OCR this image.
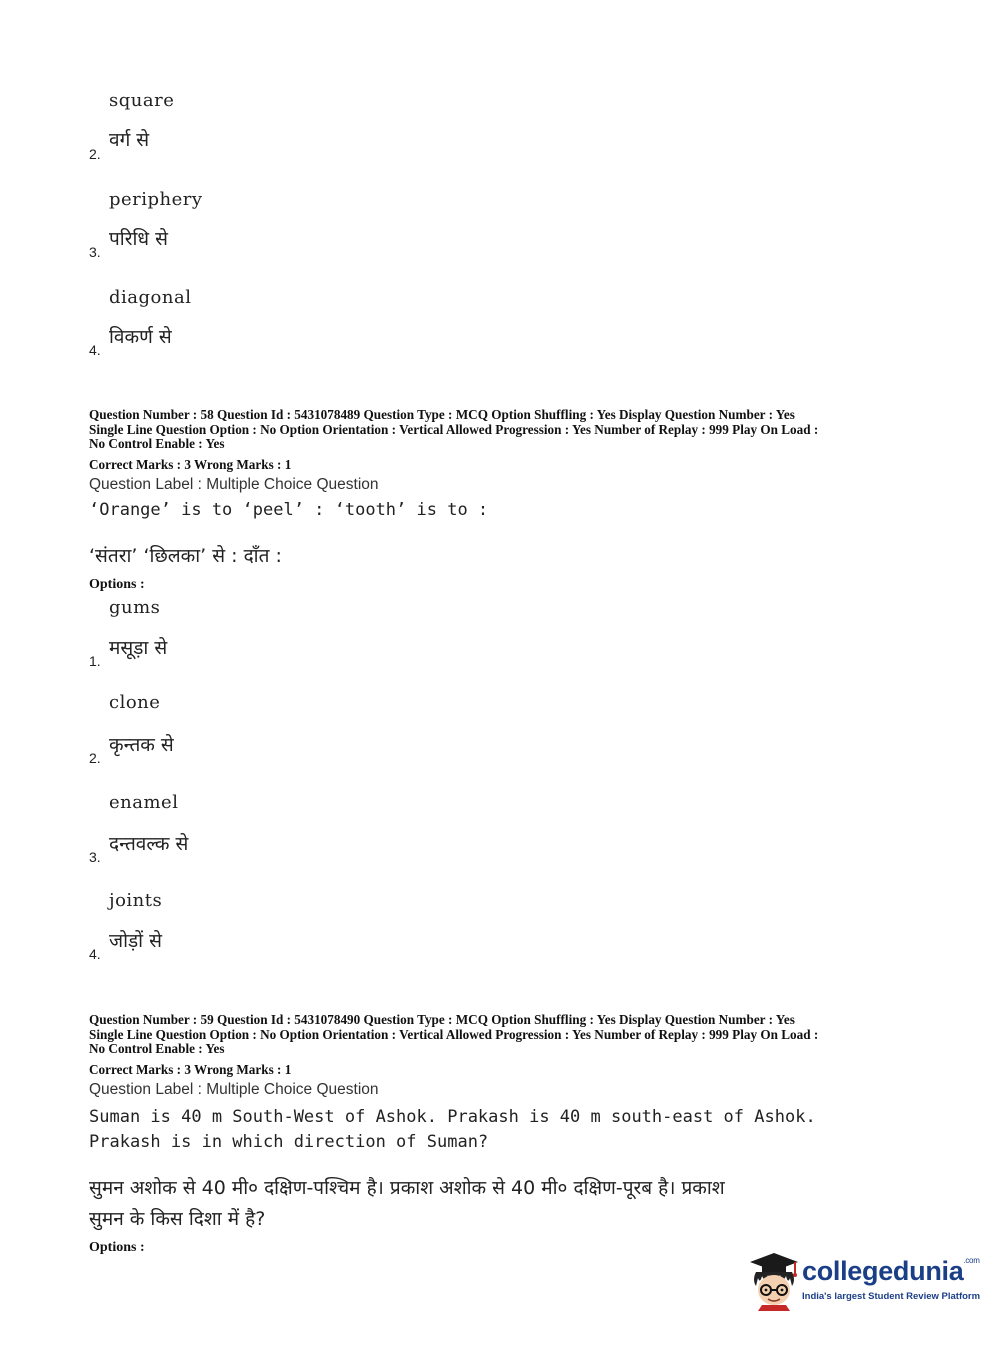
square
वर्ग से
2.
periphery
परिधि से
3.
diagonal
विकर्ण से
4.
Question Number : 58 Question Id : 5431078489 Question Type : MCQ Option Shuffling : Yes Display Question Number : Yes
Single Line Question Option : No Option Orientation : Vertical Allowed Progression : Yes Number of Replay : 999 Play On Load :
No Control Enable : Yes
Correct Marks : 3 Wrong Marks : 1
Question Label : Multiple Choice Question
‘Orange’ is to ‘peel’ : ‘tooth’ is to :
‘संतरा’ ‘छिलका’ से : दाँत :
Options :
gums
मसूड़ा से
1.
clone
कृन्तक से
2.
enamel
दन्तवल्क से
3.
joints
जोड़ों से
4.
Question Number : 59 Question Id : 5431078490 Question Type : MCQ Option Shuffling : Yes Display Question Number : Yes
Single Line Question Option : No Option Orientation : Vertical Allowed Progression : Yes Number of Replay : 999 Play On Load :
No Control Enable : Yes
Correct Marks : 3 Wrong Marks : 1
Question Label : Multiple Choice Question
Suman is 40 m South-West of Ashok. Prakash is 40 m south-east of Ashok.
Prakash is in which direction of Suman?
सुमन अशोक से 40 मी० दक्षिण-पश्चिम है। प्रकाश अशोक से 40 मी० दक्षिण-पूरब है। प्रकाश
सुमन के किस दिशा में है?
Options :
collegedunia$^{.com}$
India's largest Student Review Platform
